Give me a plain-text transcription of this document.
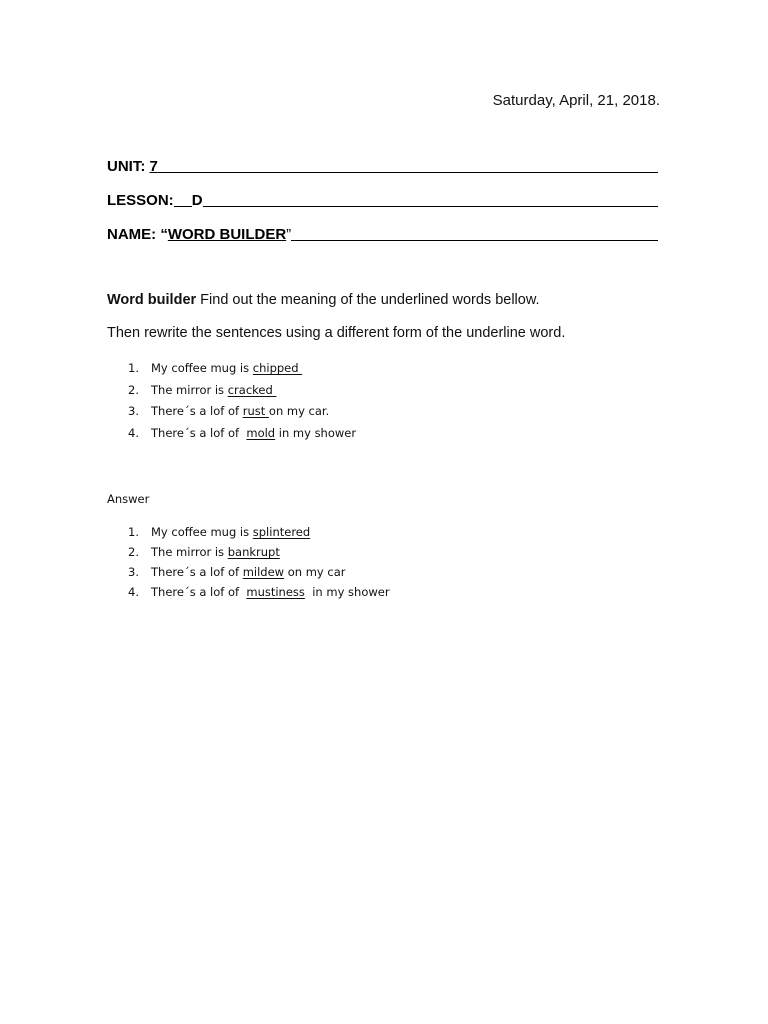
Saturday, April, 21, 2018.
UNIT: 7
LESSON: D
NAME: “ WORD BUILDER ”
Word builder Find out the meaning of the underlined words bellow.
Then rewrite the sentences using a different form of the underline word.
1.	My coffee mug is chipped
2.	The mirror is cracked
3.	There´s a lof of rust on my car.
4.	There´s a lof of mold in my shower
Answer
1.	My coffee mug is splintered
2.	The mirror is bankrupt
3.	There´s a lof of mildew on my car
4.	There´s a lof of mustiness in my shower
